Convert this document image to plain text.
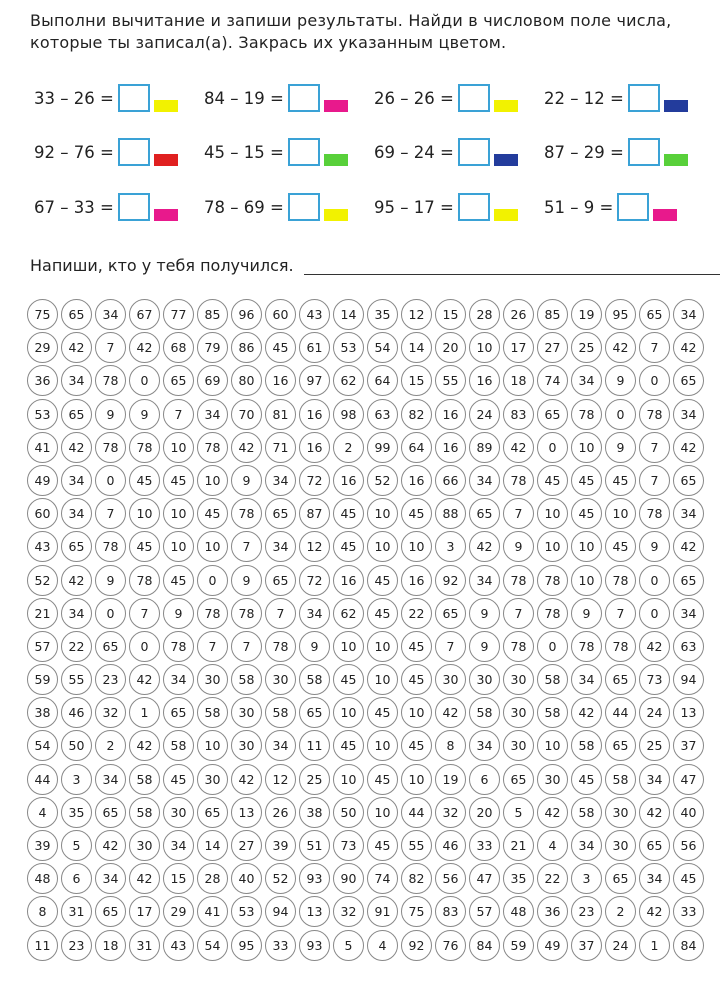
Выполни вычитание и запиши результаты. Найди в числовом поле числа,
которые ты записал(а). Закрась их указанным цветом.
33 – 26 =	84 – 19 =	26 – 26 =	22 – 12 =
92 – 76 =	45 – 15 =	69 – 24 =	87 – 29 =
67 – 33 =	78 – 69 =	95 – 17 =	51 – 9 =
Напиши, кто у тебя получился.
75	65	34	67	77	85	96	60	43	14	35	12	15	28	26	85	19	95	65	34
29	42	7	42	68	79	86	45	61	53	54	14	20	10	17	27	25	42	7	42
36	34	78	0	65	69	80	16	97	62	64	15	55	16	18	74	34	9	0	65
53	65	9	9	7	34	70	81	16	98	63	82	16	24	83	65	78	0	78	34
41	42	78	78	10	78	42	71	16	2	99	64	16	89	42	0	10	9	7	42
49	34	0	45	45	10	9	34	72	16	52	16	66	34	78	45	45	45	7	65
60	34	7	10	10	45	78	65	87	45	10	45	88	65	7	10	45	10	78	34
43	65	78	45	10	10	7	34	12	45	10	10	3	42	9	10	10	45	9	42
52	42	9	78	45	0	9	65	72	16	45	16	92	34	78	78	10	78	0	65
21	34	0	7	9	78	78	7	34	62	45	22	65	9	7	78	9	7	0	34
57	22	65	0	78	7	7	78	9	10	10	45	7	9	78	0	78	78	42	63
59	55	23	42	34	30	58	30	58	45	10	45	30	30	30	58	34	65	73	94
38	46	32	1	65	58	30	58	65	10	45	10	42	58	30	58	42	44	24	13
54	50	2	42	58	10	30	34	11	45	10	45	8	34	30	10	58	65	25	37
44	3	34	58	45	30	42	12	25	10	45	10	19	6	65	30	45	58	34	47
4	35	65	58	30	65	13	26	38	50	10	44	32	20	5	42	58	30	42	40
39	5	42	30	34	14	27	39	51	73	45	55	46	33	21	4	34	30	65	56
48	6	34	42	15	28	40	52	93	90	74	82	56	47	35	22	3	65	34	45
8	31	65	17	29	41	53	94	13	32	91	75	83	57	48	36	23	2	42	33
11	23	18	31	43	54	95	33	93	5	4	92	76	84	59	49	37	24	1	84
